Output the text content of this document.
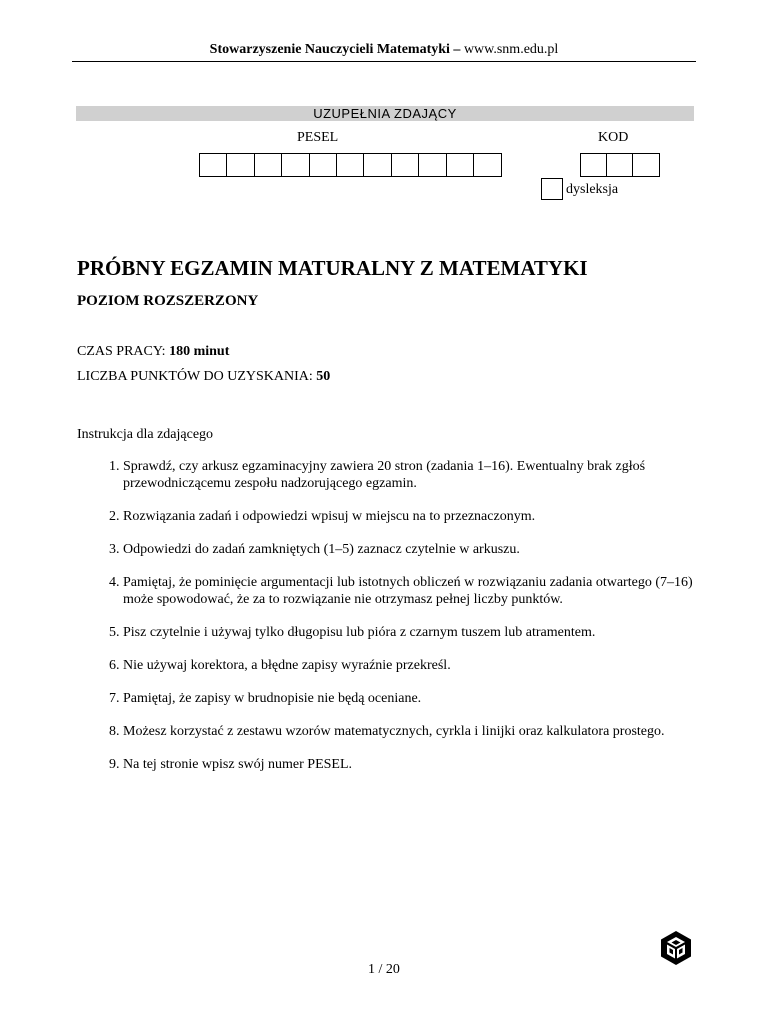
Stowarzyszenie Nauczycieli Matematyki – www.snm.edu.pl
UZUPEŁNIA ZDAJĄCY
PESEL	KOD
dysleksja
PRÓBNY EGZAMIN MATURALNY Z MATEMATYKI
POZIOM ROZSZERZONY
CZAS PRACY: 180 minut
LICZBA PUNKTÓW DO UZYSKANIA: 50
Instrukcja dla zdającego
1. Sprawdź, czy arkusz egzaminacyjny zawiera 20 stron (zadania 1–16). Ewentualny brak zgłoś przewodniczącemu zespołu nadzorującego egzamin.
2. Rozwiązania zadań i odpowiedzi wpisuj w miejscu na to przeznaczonym.
3. Odpowiedzi do zadań zamkniętych (1–5) zaznacz czytelnie w arkuszu.
4. Pamiętaj, że pominięcie argumentacji lub istotnych obliczeń w rozwiązaniu zadania otwartego (7–16) może spowodować, że za to rozwiązanie nie otrzymasz pełnej liczby punktów.
5. Pisz czytelnie i używaj tylko długopisu lub pióra z czarnym tuszem lub atramentem.
6. Nie używaj korektora, a błędne zapisy wyraźnie przekreśl.
7. Pamiętaj, że zapisy w brudnopisie nie będą oceniane.
8. Możesz korzystać z zestawu wzorów matematycznych, cyrkla i linijki oraz kalkulatora prostego.
9. Na tej stronie wpisz swój numer PESEL.
1 / 20
